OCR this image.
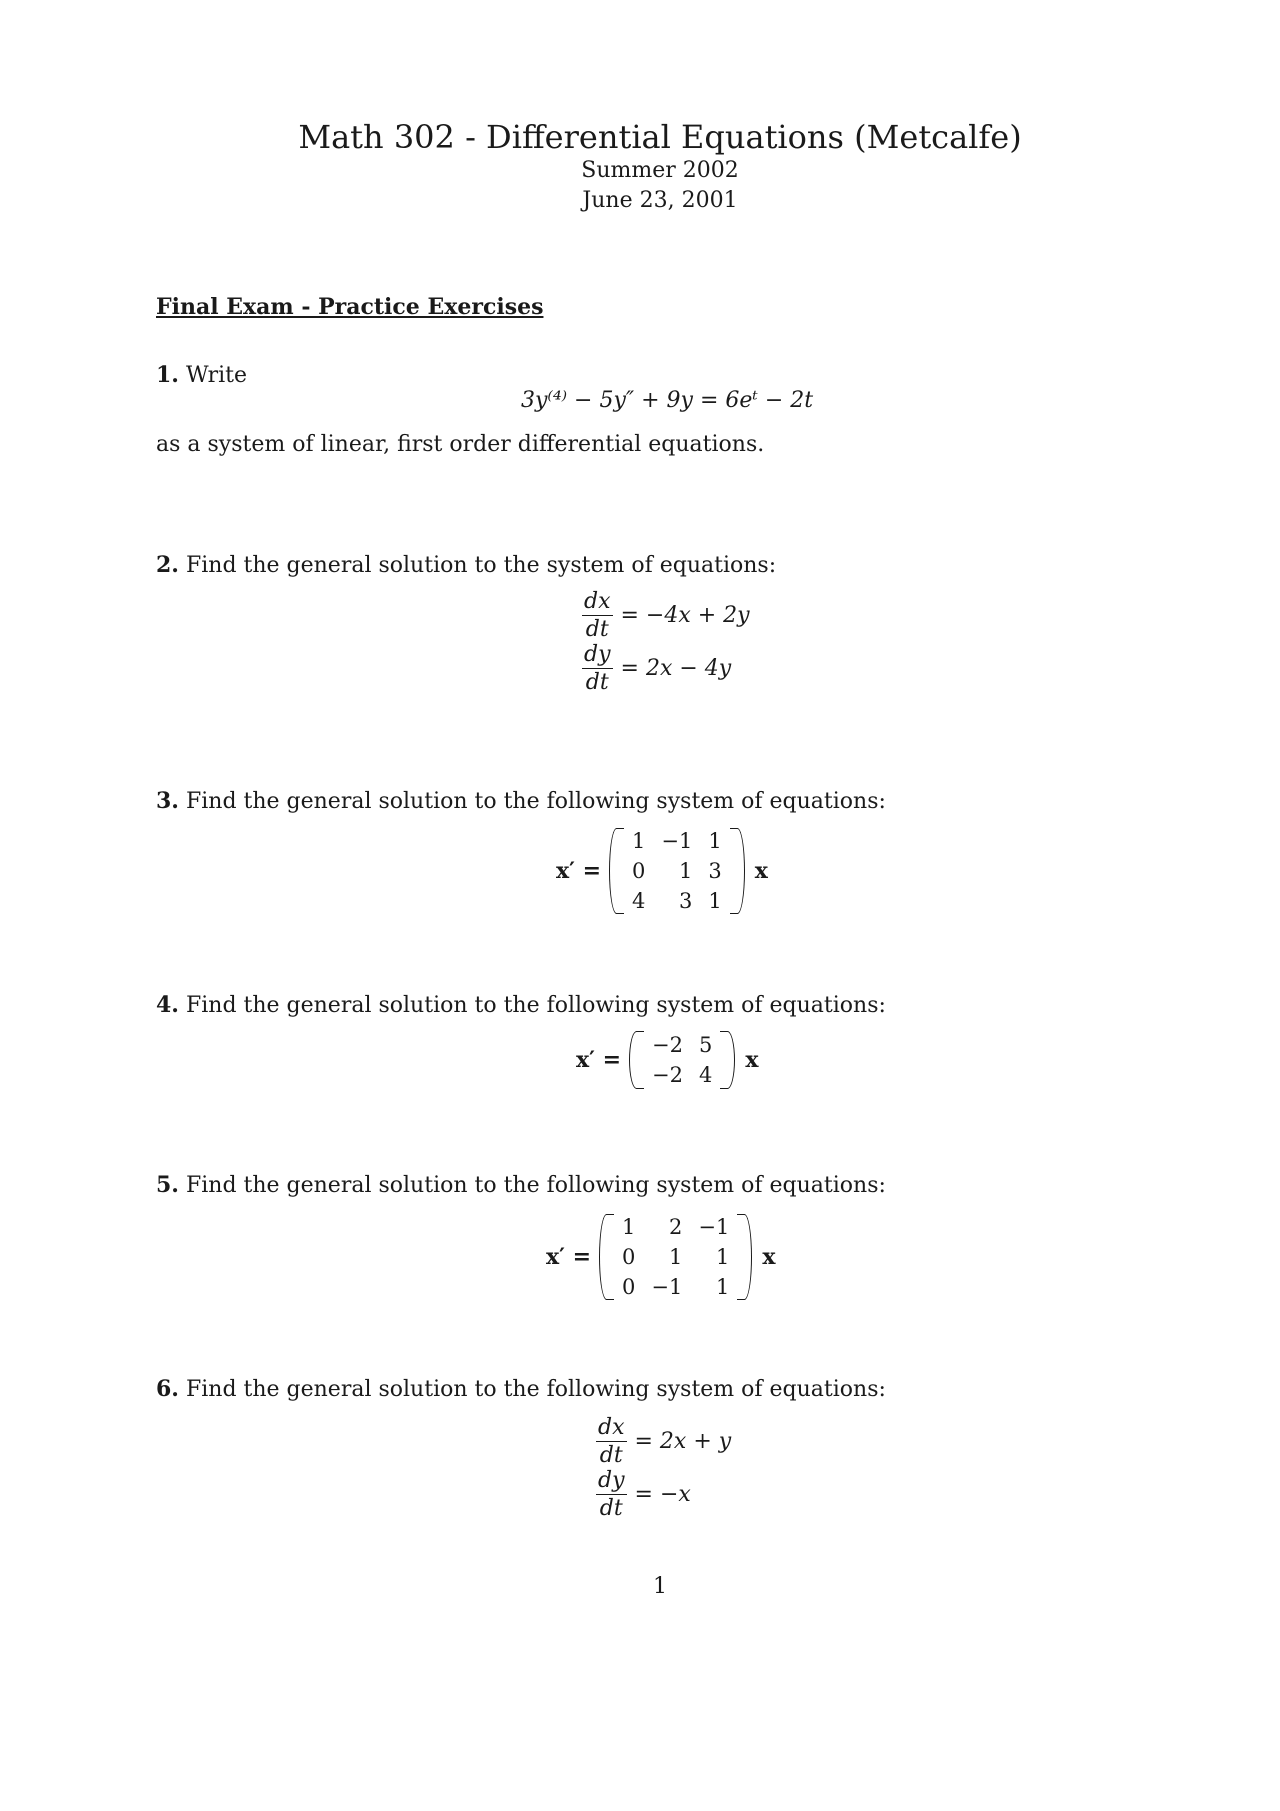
Math 302 - Differential Equations (Metcalfe)
Summer 2002
June 23, 2001
Final Exam - Practice Exercises
1. Write
3y⁽⁴⁾ − 5y″ + 9y = 6eᵗ − 2t
as a system of linear, first order differential equations.
2. Find the general solution to the system of equations:
$\frac{dx}{dt} = -4x + 2y$
$\frac{dy}{dt} = 2x - 4y$
3. Find the general solution to the following system of equations:
x′ =
1	−1	1
0	1	3
4	3	1
x
4. Find the general solution to the following system of equations:
x′ =
−2	5
−2	4
x
5. Find the general solution to the following system of equations:
x′ =
1	2	−1
0	1	1
0	−1	1
x
6. Find the general solution to the following system of equations:
$\frac{dx}{dt} = 2x + y$
$\frac{dy}{dt} = -x$
1
